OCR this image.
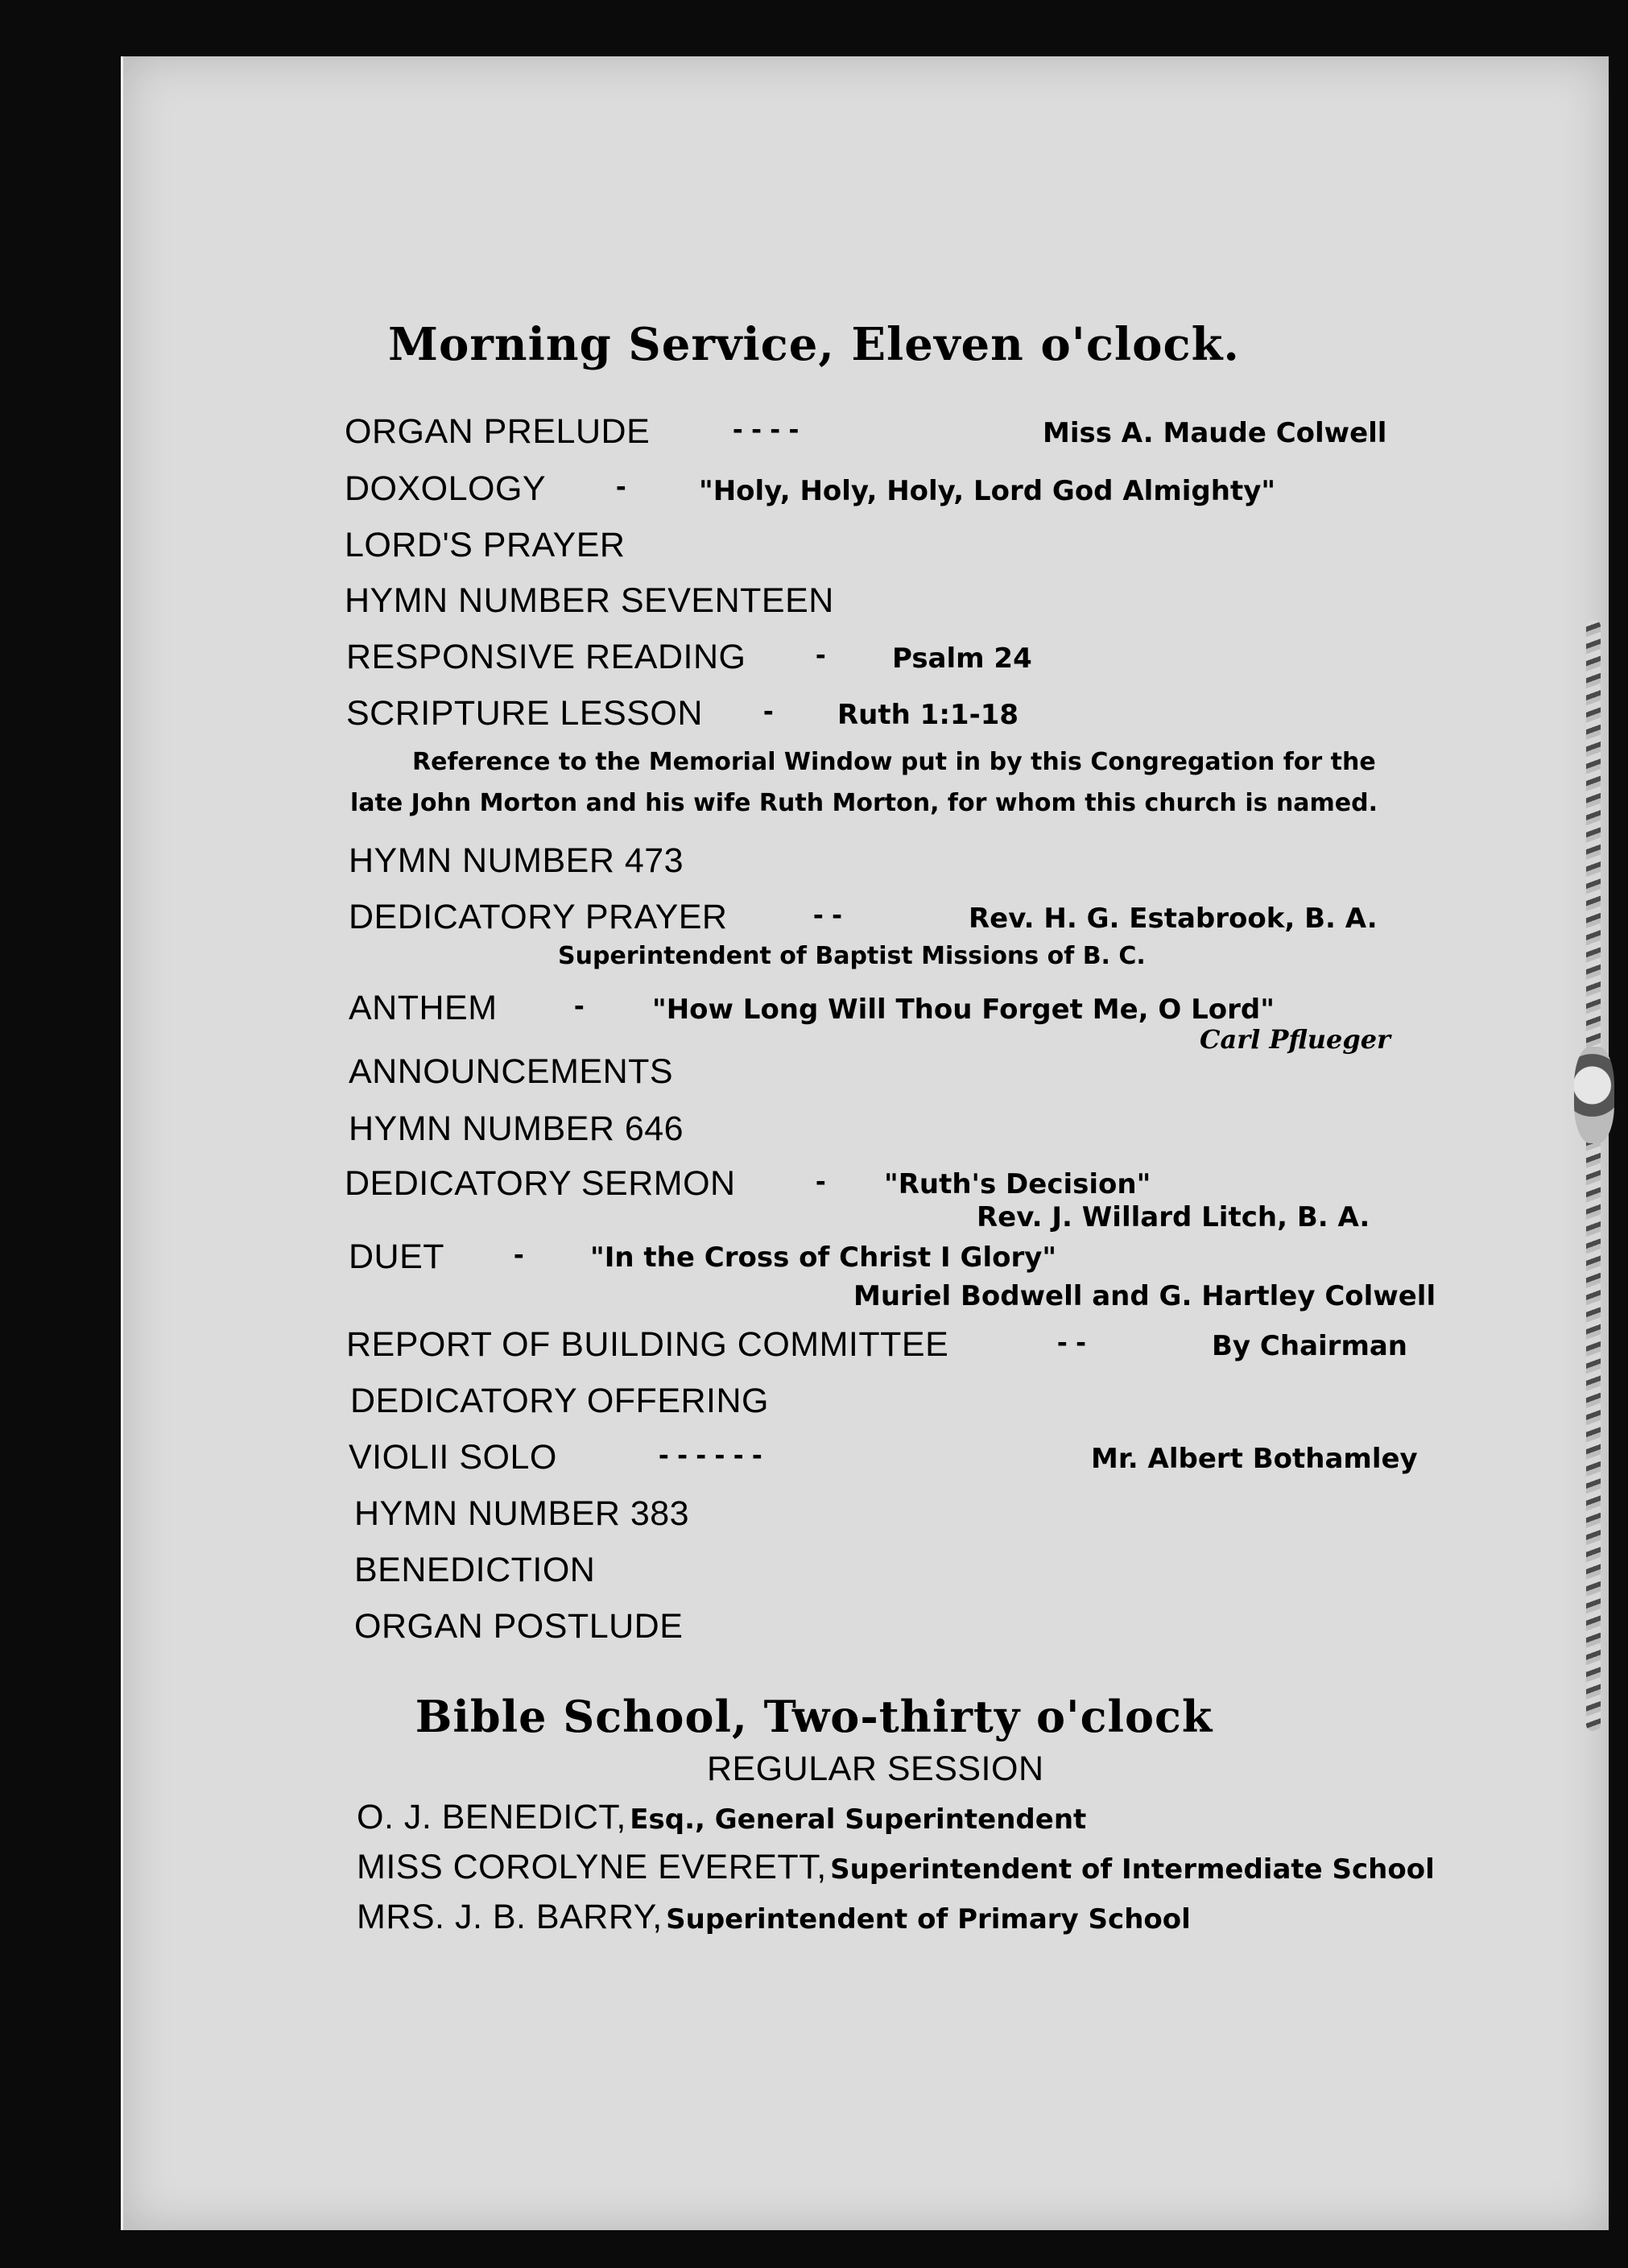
Morning Service, Eleven o'clock.
ORGAN PRELUDE	- - - -	Miss A. Maude Colwell
DOXOLOGY -	"Holy, Holy, Holy, Lord God Almighty"
LORD'S PRAYER
HYMN NUMBER SEVENTEEN
RESPONSIVE READING - Psalm 24
SCRIPTURE LESSON - Ruth 1:1-18
Reference to the Memorial Window put in by this Congregation for the
late John Morton and his wife Ruth Morton, for whom this church is named.
HYMN NUMBER 473
DEDICATORY PRAYER	- -	Rev. H. G. Estabrook, B. A.
Superintendent of Baptist Missions of B. C.
ANTHEM	- "How Long Will Thou Forget Me, O Lord"
Carl Pflueger
ANNOUNCEMENTS
HYMN NUMBER 646
DEDICATORY SERMON	- "Ruth's Decision"
Rev. J. Willard Litch, B. A.
DUET - "In the Cross of Christ I Glory"
Muriel Bodwell and G. Hartley Colwell
REPORT OF BUILDING COMMITTEE	- -	By Chairman
DEDICATORY OFFERING
VIOLII SOLO	- - - - - -	Mr. Albert Bothamley
HYMN NUMBER 383
BENEDICTION
ORGAN POSTLUDE
Bible School, Two-thirty o'clock
REGULAR SESSION
O. J. BENEDICT, Esq., General Superintendent
MISS COROLYNE EVERETT, Superintendent of Intermediate School
MRS. J. B. BARRY, Superintendent of Primary School
